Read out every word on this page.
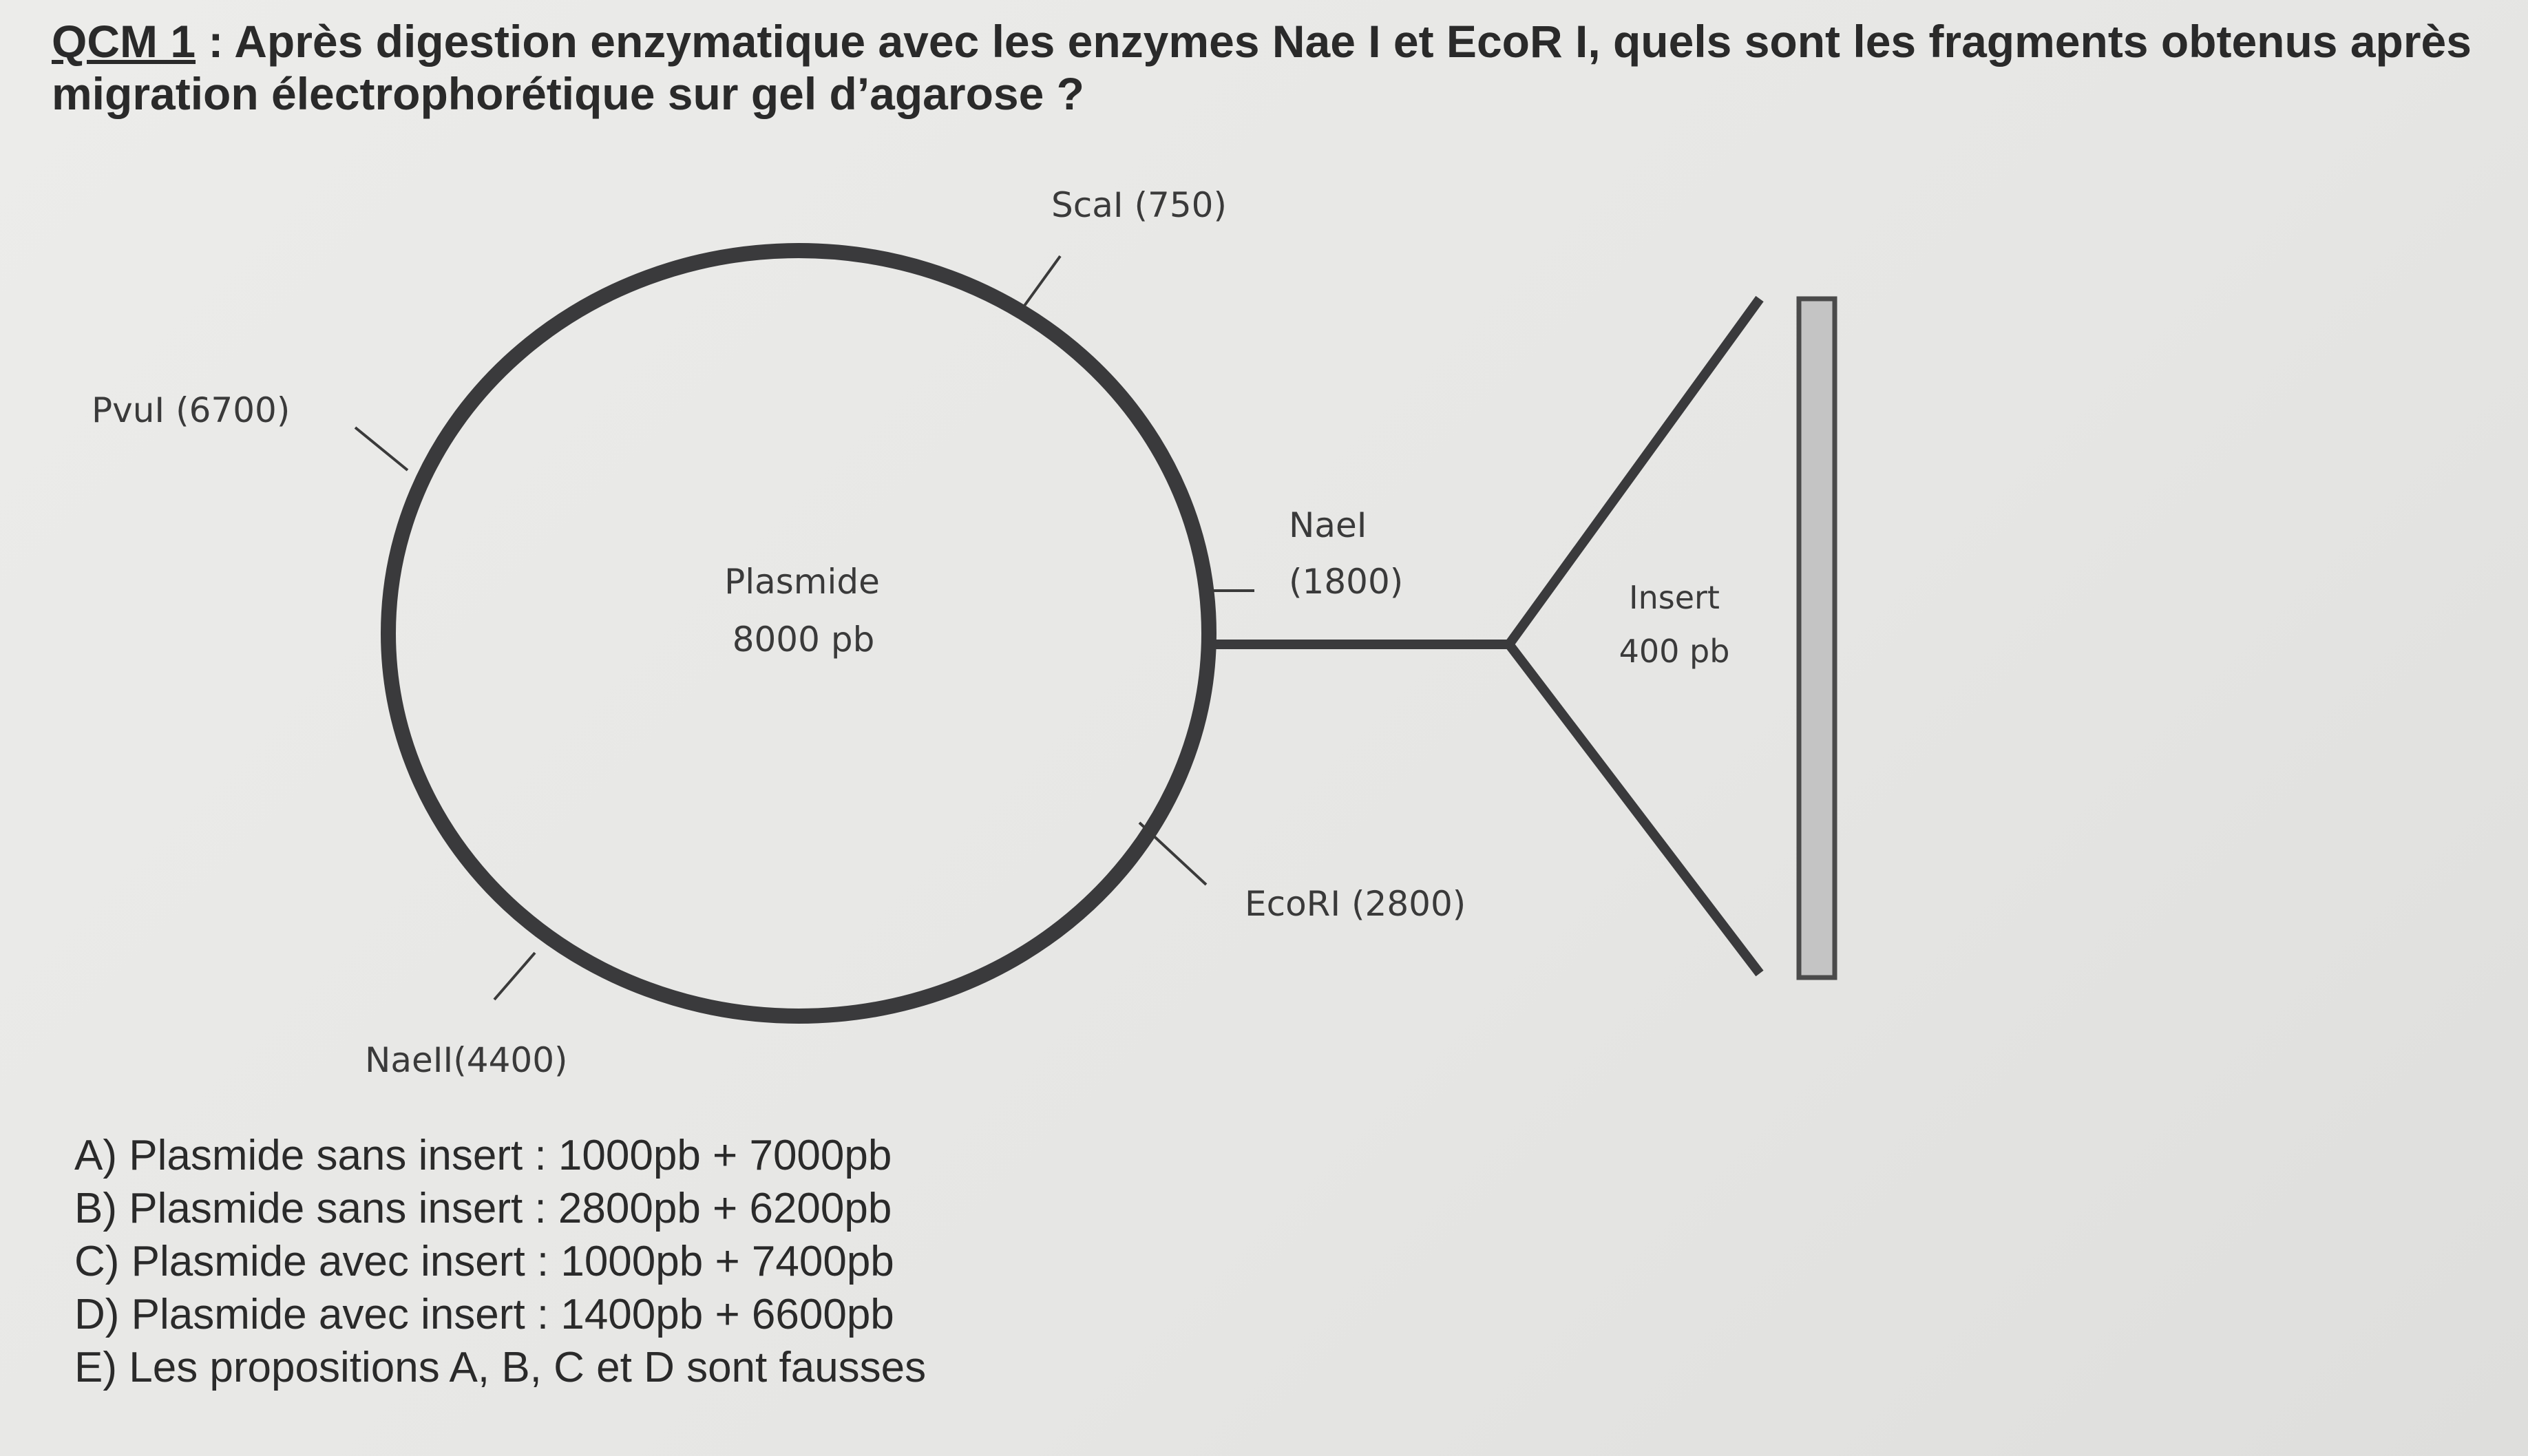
QCM 1 : Après digestion enzymatique avec les enzymes Nae I et EcoR I, quels sont les fragments obtenus après migration électrophorétique sur gel d’agarose ?
Plasmide
8000 pb
ScaI (750)
PvuI (6700)
NaeI
(1800)
EcoRI (2800)
NaeII(4400)
Insert
400 pb
A) Plasmide sans insert : 1000pb + 7000pb
B) Plasmide sans insert : 2800pb + 6200pb
C) Plasmide avec insert : 1000pb + 7400pb
D) Plasmide avec insert : 1400pb + 6600pb
E) Les propositions A, B, C et D sont fausses
